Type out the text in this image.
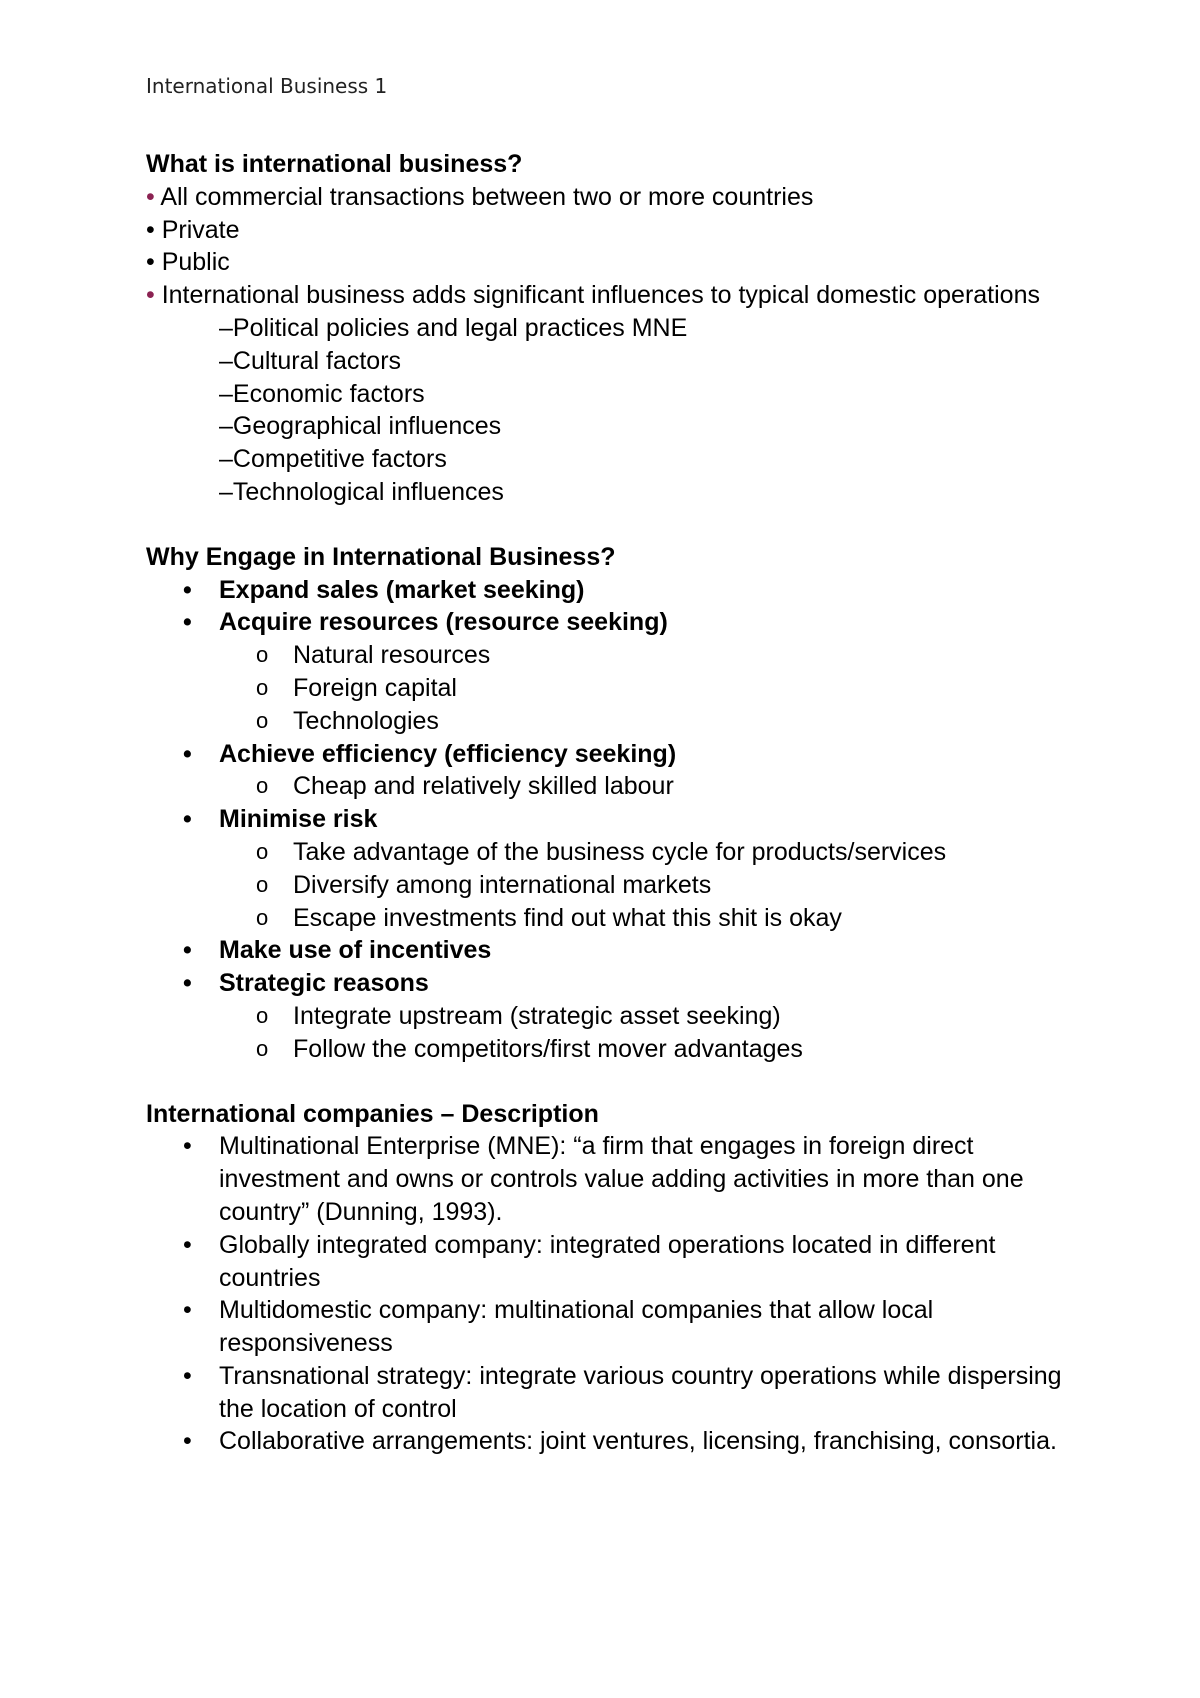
International Business 1
What is international business?
• All commercial transactions between two or more countries
• Private
• Public
• International business adds significant influences to typical domestic operations
–Political policies and legal practices MNE
–Cultural factors
–Economic factors
–Geographical influences
–Competitive factors
–Technological influences
Why Engage in International Business?
•	Expand sales (market seeking)
•	Acquire resources (resource seeking)
o Natural resources
o Foreign capital
o Technologies
•	Achieve efficiency (efficiency seeking)
o Cheap and relatively skilled labour
•	Minimise risk
o Take advantage of the business cycle for products/services
o Diversify among international markets
o Escape investments find out what this shit is okay
•	Make use of incentives
•	Strategic reasons
o Integrate upstream (strategic asset seeking)
o Follow the competitors/first mover advantages
International companies – Description
•	Multinational Enterprise (MNE): “a firm that engages in foreign direct investment and owns or controls value adding activities in more than one country” (Dunning, 1993).
•	Globally integrated company: integrated operations located in different countries
•	Multidomestic company: multinational companies that allow local responsiveness
•	Transnational strategy: integrate various country operations while dispersing the location of control
•	Collaborative arrangements: joint ventures, licensing, franchising, consortia.
